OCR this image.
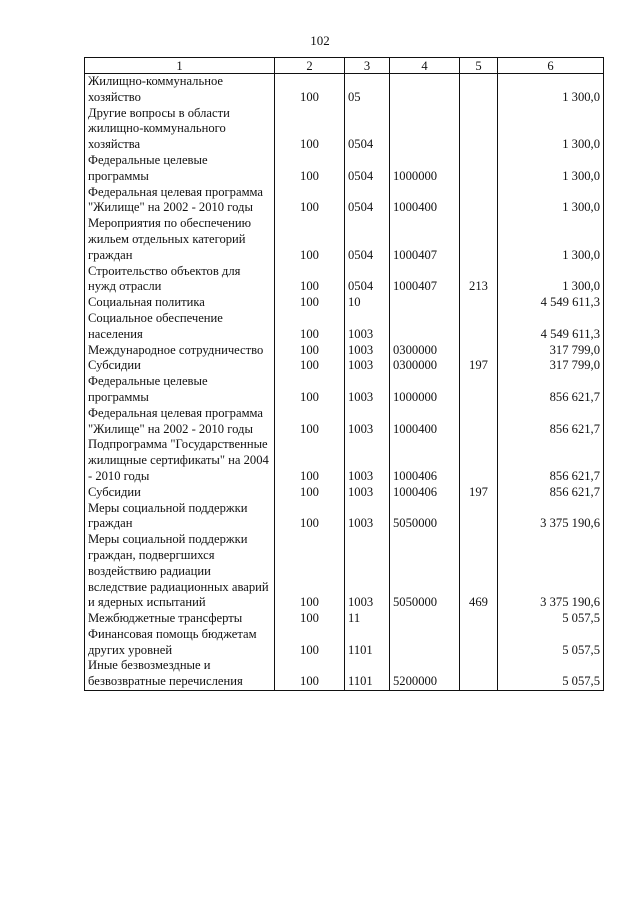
102
1	2	3	4	5	6
Жилищно-коммунальное хозяйство	100	05			1 300,0
Другие вопросы в области жилищно-коммунального хозяйства	100	0504			1 300,0
Федеральные целевые программы	100	0504	1000000		1 300,0
Федеральная целевая программа "Жилище" на 2002 - 2010 годы	100	0504	1000400		1 300,0
Мероприятия по обеспечению жильем отдельных категорий граждан	100	0504	1000407		1 300,0
Строительство объектов для нужд отрасли	100	0504	1000407	213	1 300,0
Социальная политика	100	10			4 549 611,3
Социальное обеспечение населения	100	1003			4 549 611,3
Международное сотрудничество	100	1003	0300000		317 799,0
Субсидии	100	1003	0300000	197	317 799,0
Федеральные целевые программы	100	1003	1000000		856 621,7
Федеральная целевая программа "Жилище" на 2002 - 2010 годы	100	1003	1000400		856 621,7
Подпрограмма "Государственные жилищные сертификаты" на 2004 - 2010 годы	100	1003	1000406		856 621,7
Субсидии	100	1003	1000406	197	856 621,7
Меры социальной поддержки граждан	100	1003	5050000		3 375 190,6
Меры социальной поддержки граждан, подвергшихся воздействию радиации вследствие радиационных аварий и ядерных испытаний	100	1003	5050000	469	3 375 190,6
Межбюджетные трансферты	100	11			5 057,5
Финансовая помощь бюджетам других уровней	100	1101			5 057,5
Иные безвозмездные и безвозвратные перечисления	100	1101	5200000		5 057,5
